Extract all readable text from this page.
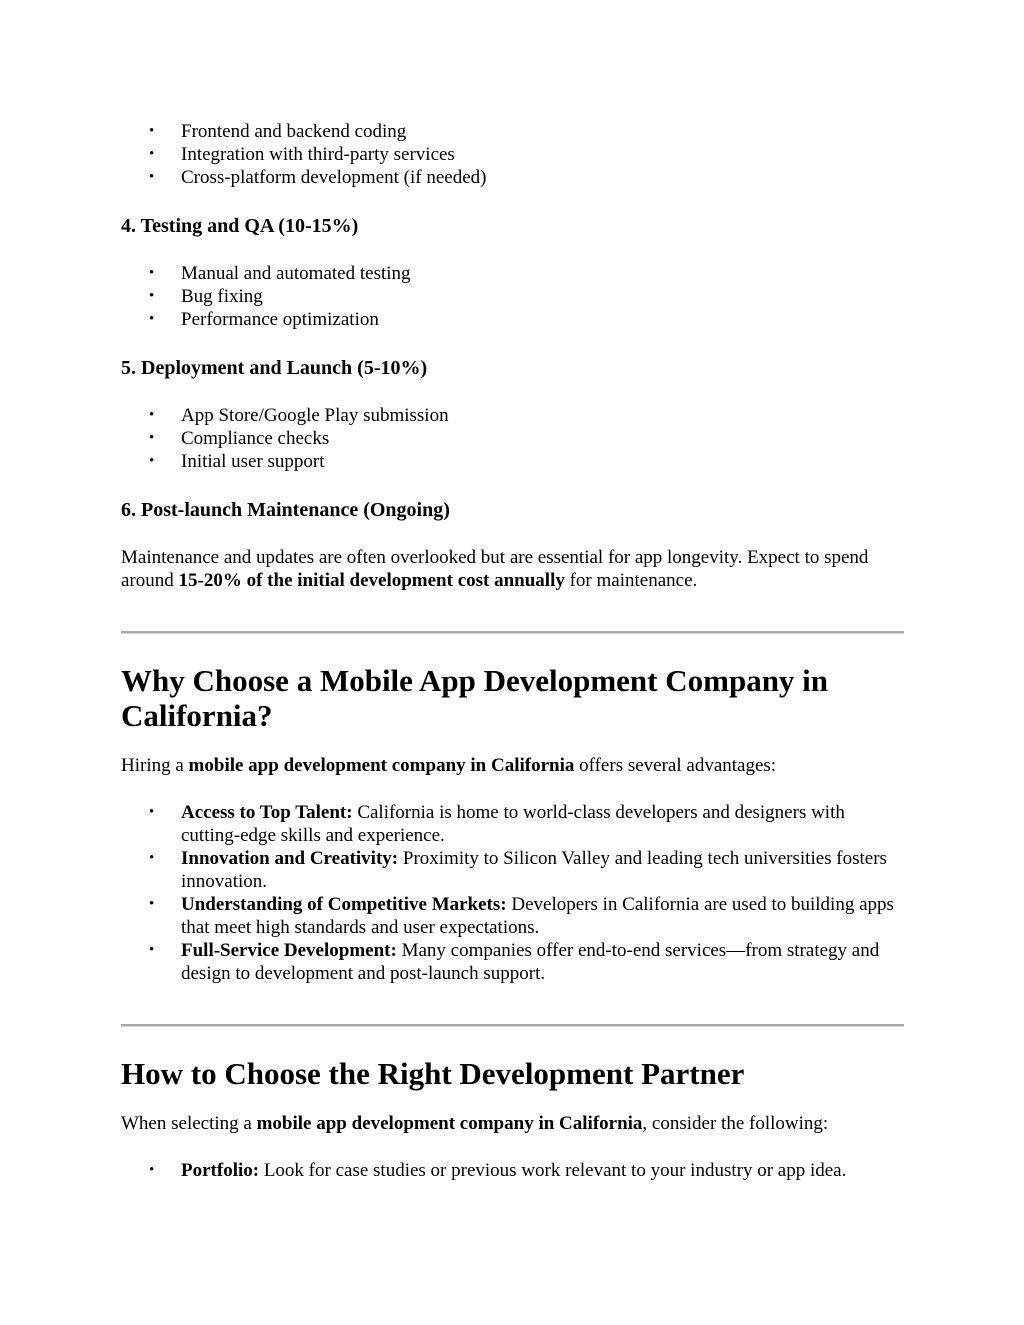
• Frontend and backend coding
• Integration with third-party services
• Cross-platform development (if needed)
4. Testing and QA (10-15%)
• Manual and automated testing
• Bug fixing
• Performance optimization
5. Deployment and Launch (5-10%)
• App Store/Google Play submission
• Compliance checks
• Initial user support
6. Post-launch Maintenance (Ongoing)

Maintenance and updates are often overlooked but are essential for app longevity. Expect to spend around 15-20% of the initial development cost annually for maintenance.

Why Choose a Mobile App Development Company in California?

Hiring a mobile app development company in California offers several advantages:

• Access to Top Talent: California is home to world-class developers and designers with cutting-edge skills and experience.
• Innovation and Creativity: Proximity to Silicon Valley and leading tech universities fosters innovation.
• Understanding of Competitive Markets: Developers in California are used to building apps that meet high standards and user expectations.
• Full-Service Development: Many companies offer end-to-end services—from strategy and design to development and post-launch support.
How to Choose the Right Development Partner

When selecting a mobile app development company in California, consider the following:

• Portfolio: Look for case studies or previous work relevant to your industry or app idea.
